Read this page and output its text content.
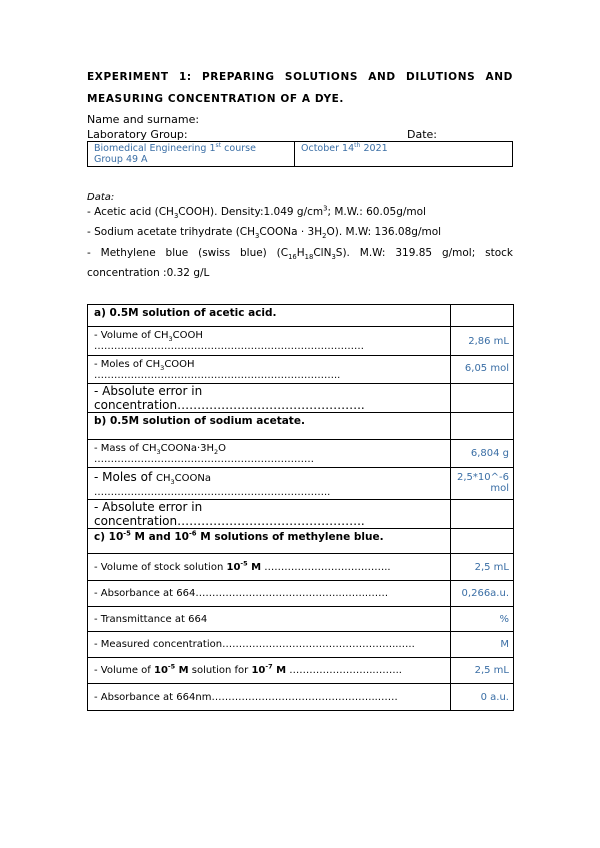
EXPERIMENT 1: PREPARING SOLUTIONS AND DILUTIONS AND MEASURING CONCENTRATION OF A DYE.
Name and surname:
Laboratory Group:	Date:
Biomedical Engineering 1st course
Group 49 A	October 14th 2021
Data:
- Acetic acid $(CH_3COOH)$. Density:1.049 $g/cm^3$; M.W.: 60.05g/mol
- Sodium acetate trihydrate $(CH_3COONa \cdot 3H_2O)$. M.W: 136.08g/mol
- Methylene blue (swiss blue) $(C_{16}H_{18}ClN_3S)$. M.W: 319.85 g/mol; stock concentration :0.32 g/L
a) 0.5M solution of acetic acid.	
- Volume of $CH_3COOH$ ………………………………………………………………………	2,86 mL
- Moles of $CH_3COOH$ ………………………………………………………………..	6,05 mol
- Absolute error in concentration………………………………………..	
b) 0.5M solution of sodium acetate.	
- Mass of $CH_3COONa\cdot 3H_2O$ …………………………………………………………	6,804 g
- Moles of $CH_3COONa$ ……………………………………………………………..	2,5*10^-6 mol
- Absolute error in concentration………………………………………..	
c) $10^{-5}$ M and $10^{-6}$ M solutions of methylene blue.	
- Volume of stock solution $10^{-5}$ M ………………………………..	2,5 mL
- Absorbance at 664……………………………………..……..……	0,266a.u.
- Transmittance at 664	%
- Measured concentration……………………………………………..…..	M
- Volume of $10^{-5}$ M solution for $10^{-7}$ M ……………………..……..	2,5 mL
- Absorbance at 664nm…………………………………………..……	0 a.u.
